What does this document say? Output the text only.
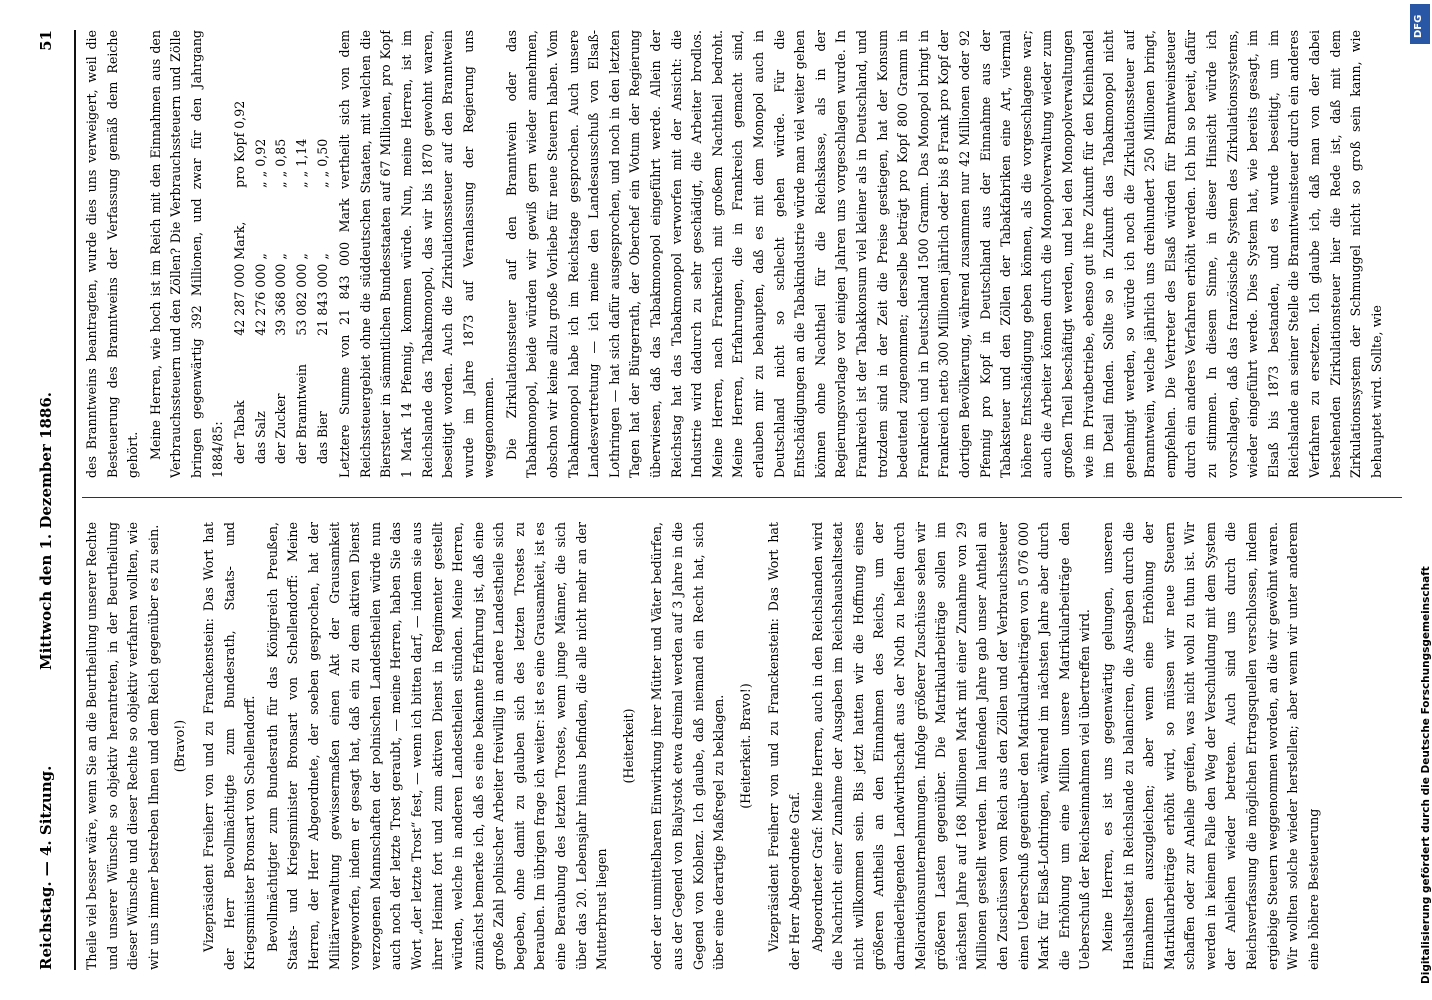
Reichstag. — 4. Sitzung.
Mittwoch den 1. Dezember 1886.
51

Theile viel besser wäre, wenn Sie an die Beurtheilung unserer Rechte und unserer Wünsche so objektiv herantreten, in der Beurtheilung dieser Wünsche und dieser Rechte so objektiv verfahren wollten, wie wir uns immer bestreben Ihnen und dem Reich gegenüber es zu sein. (Bravo!) Vizepräsident Freiherr von und zu Franckenstein: Das Wort hat der Herr Bevollmächtigte zum Bundesrath, Staats- und Kriegsminister Bronsart von Schellendorff. Bevollmächtigter zum Bundesrath für das Königreich Preußen, Staats- und Kriegsminister Bronsart von Schellendorff: Meine Herren, der Herr Abgeordnete, der soeben gesprochen, hat der Militärverwaltung gewissermaßen einen Akt der Grausamkeit vorgeworfen, indem er gesagt hat, daß ein zu dem aktiven Dienst verzogenen Mannschaften der polnischen Landestheilen würde nun auch noch der letzte Trost geraubt, — meine Herren, haben Sie das Wort „der letzte Trost“ fest, — wenn ich bitten darf, — indem sie aus ihrer Heimat fort und zum aktiven Dienst in Regimenter gestellt würden, welche in anderen Landestheilen stünden. Meine Herren, zunächst bemerke ich, daß es eine bekannte Erfahrung ist, daß eine große Zahl polnischer Arbeiter freiwillig in andere Landestheile sich begeben, ohne damit zu glauben sich des letzten Trostes zu berauben. Im übrigen frage ich weiter: ist es eine Grausamkeit, ist es eine Beraubung des letzten Trostes, wenn junge Männer, die sich über das 20. Lebensjahr hinaus befinden, die alle nicht mehr an der Mutterbrust liegen

(Heiterkeit) oder der unmittelbaren Einwirkung ihrer Mütter und Väter bedürfen, aus der Gegend von Bialystok etwa dreimal werden auf 3 Jahre in die Gegend von Koblenz. Ich glaube, daß niemand ein Recht hat, sich über eine derartige Maßregel zu beklagen. (Heiterkeit. Bravo!) Vizepräsident Freiherr von und zu Franckenstein: Das Wort hat der Herr Abgeordnete Graf. Abgeordneter Graf: Meine Herren, auch in den Reichslanden wird die Nachricht einer Zunahme der Ausgaben im Reichshaushaltsetat nicht willkommen sein. Bis jetzt hatten wir die Hoffnung eines größeren Antheils an den Einnahmen des Reichs, um der darniederliegenden Landwirthschaft aus der Noth zu helfen durch Meliorationsunternehmungen. Infolge größerer Zuschüsse sehen wir größeren Lasten gegenüber. Die Matrikularbeiträge sollen im nächsten Jahre auf 168 Millionen Mark mit einer Zunahme von 29 Millionen gestellt werden. Im laufenden Jahre gab unser Antheil an den Zuschüssen vom Reich aus den Zöllen und der Verbrauchssteuer einen Ueberschuß gegenüber den Matrikularbeiträgen von 5 076 000 Mark für Elsaß-Lothringen, während im nächsten Jahre aber durch die Erhöhung um eine Million unsere Matrikularbeiträge den Ueberschuß der Reichseinnahmen viel übertreffen wird. Meine Herren, es ist uns gegenwärtig gelungen, unseren Haushaltsetat in Reichslande zu balanciren, die Ausgaben durch die Einnahmen auszugleichen; aber wenn eine Erhöhung der Matrikularbeiträge erhöht wird, so müssen wir neue Steuern schaffen oder zur Anleihe greifen, was nicht wohl zu thun ist. Wir werden in keinem Falle den Weg der Verschuldung mit dem System der Anleihen wieder betreten. Auch sind uns durch die Reichsverfassung die möglichen Ertragsquellen verschlossen, indem ergiebige Steuern weggenommen worden, an die wir gewöhnt waren. Wir wollten solche wieder herstellen; aber wenn wir unter anderem eine höhere Besteuerung

des Branntweins beantragten, wurde dies uns verweigert, weil die Besteuerung des Branntweins der Verfassung gemäß dem Reiche gehört. Meine Herren, wie hoch ist im Reich mit den Einnahmen aus den Verbrauchssteuern und den Zöllen? Die Verbrauchssteuern und Zölle bringen gegenwärtig 392 Millionen, und zwar für den Jahrgang 1884/85: der Tabak
42 287 000 Mark,
pro Kopf 0,92
das Salz
42 276 000 „
„ „ 0,92
der Zucker
39 368 000 „
„ „ 0,85
der Branntwein
53 082 000 „
„ „ 1,14
das Bier
21 843 000 „
„ „ 0,50 Letztere Summe von 21 843 000 Mark vertheilt sich von dem Reichssteuergebiet ohne die süddeutschen Staaten, mit welchen die Biersteuer in sämmtlichen Bundesstaaten auf 67 Millionen, pro Kopf 1 Mark 14 Pfennig, kommen würde. Nun, meine Herren, ist im Reichslande das Tabakmonopol, das wir bis 1870 gewohnt waren, beseitigt worden. Auch die Zirkulationssteuer auf den Branntwein wurde im Jahre 1873 auf Veranlassung der Regierung uns weggenommen. Die Zirkulationssteuer auf den Branntwein oder das Tabakmonopol, beide würden wir gewiß gern wieder annehmen, obschon wir keine allzu große Vorliebe für neue Steuern haben. Vom Tabakmonopol habe ich im Reichstage gesprochen. Auch unsere Landesvertretung — ich meine den Landesausschuß von Elsaß-Lothringen — hat sich dafür ausgesprochen, und noch in den letzten Tagen hat der Bürgerrath, der Oberchef ein Votum der Regierung überwiesen, daß das Tabakmonopol eingeführt werde. Allein der Reichstag hat das Tabakmonopol verworfen mit der Ansicht: die Industrie wird dadurch zu sehr geschädigt, die Arbeiter brodlos. Meine Herren, nach Frankreich mit großem Nachtheil bedroht. Meine Herren, Erfahrungen, die in Frankreich gemacht sind, erlauben mir zu behaupten, daß es mit dem Monopol auch in Deutschland nicht so schlecht gehen würde. Für die Entschädigungen an die Tabakindustrie würde man viel weiter gehen können ohne Nachtheil für die Reichskasse, als in der Regierungsvorlage vor einigen Jahren uns vorgeschlagen wurde. In Frankreich ist der Tabakkonsum viel kleiner als in Deutschland, und trotzdem sind in der Zeit die Preise gestiegen, hat der Konsum bedeutend zugenommen; derselbe beträgt pro Kopf 800 Gramm in Frankreich und in Deutschland 1500 Gramm. Das Monopol bringt in Frankreich netto 300 Millionen jährlich oder bis 8 Frank pro Kopf der dortigen Bevölkerung, während zusammen nur 42 Millionen oder 92 Pfennig pro Kopf in Deutschland aus der Einnahme aus der Tabaksteuer und den Zöllen der Tabakfabriken eine Art, viermal höhere Entschädigung geben können, als die vorgeschlagene war; auch die Arbeiter können durch die Monopolverwaltung wieder zum großen Theil beschäftigt werden, und bei den Monopolverwaltungen wie im Privatbetriebe, ebenso gut ihre Zukunft für den Kleinhandel im Detail finden. Sollte so in Zukunft das Tabakmonopol nicht genehmigt werden, so würde ich noch die Zirkulationssteuer auf Branntwein, welche jährlich uns dreihundert 250 Millionen bringt, empfehlen. Die Vertreter des Elsaß würden für Branntweinsteuer durch ein anderes Verfahren erhöht werden. Ich bin so bereit, dafür zu stimmen. In diesem Sinne, in dieser Hinsicht würde ich vorschlagen, daß das französische System des Zirkulationssystems, wieder eingeführt werde. Dies System hat, wie bereits gesagt, im Elsaß bis 1873 bestanden, und es wurde beseitigt, um im Reichslande an seiner Stelle die Branntweinsteuer durch ein anderes Verfahren zu ersetzen. Ich glaube ich, daß man von der dabei bestehenden Zirkulationsteuer hier die Rede ist, daß mit dem Zirkulationssystem der Schmuggel nicht so groß sein kann, wie behauptet wird. Sollte, wie

Digitalisierung gefördert durch die Deutsche Forschungsgemeinschaft
DFG
